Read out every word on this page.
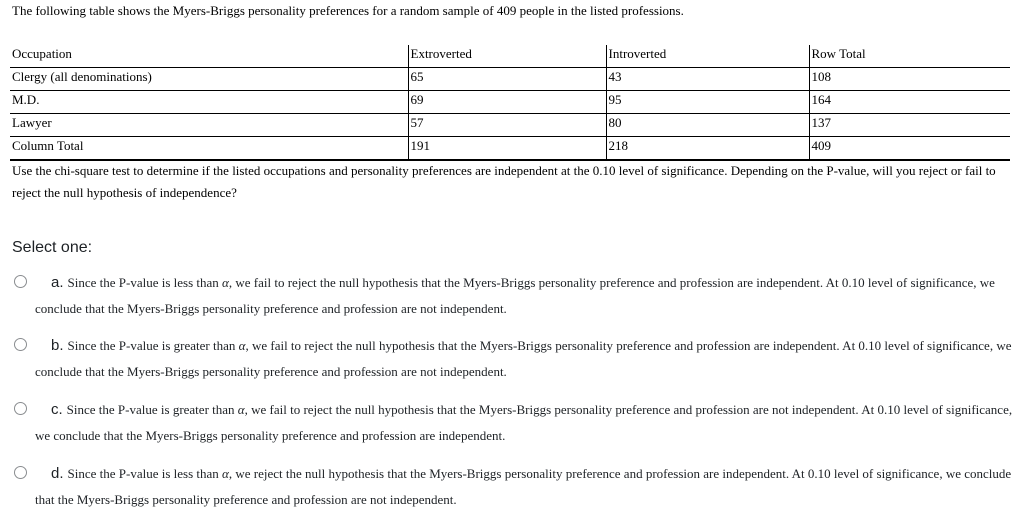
The following table shows the Myers-Briggs personality preferences for a random sample of 409 people in the listed professions.
Occupation	Extroverted	Introverted	Row Total
Clergy (all denominations)	65	43	108
M.D.	69	95	164
Lawyer	57	80	137
Column Total	191	218	409
Use the chi-square test to determine if the listed occupations and personality preferences are independent at the 0.10 level of significance. Depending on the P-value, will you reject or fail to reject the null hypothesis of independence?
Select one:
a. Since the P-value is less than α, we fail to reject the null hypothesis that the Myers-Briggs personality preference and profession are independent. At 0.10 level of significance, we conclude that the Myers-Briggs personality preference and profession are not independent.
b. Since the P-value is greater than α, we fail to reject the null hypothesis that the Myers-Briggs personality preference and profession are independent. At 0.10 level of significance, we conclude that the Myers-Briggs personality preference and profession are not independent.
c. Since the P-value is greater than α, we fail to reject the null hypothesis that the Myers-Briggs personality preference and profession are not independent. At 0.10 level of significance, we conclude that the Myers-Briggs personality preference and profession are independent.
d. Since the P-value is less than α, we reject the null hypothesis that the Myers-Briggs personality preference and profession are independent. At 0.10 level of significance, we conclude that the Myers-Briggs personality preference and profession are not independent.
